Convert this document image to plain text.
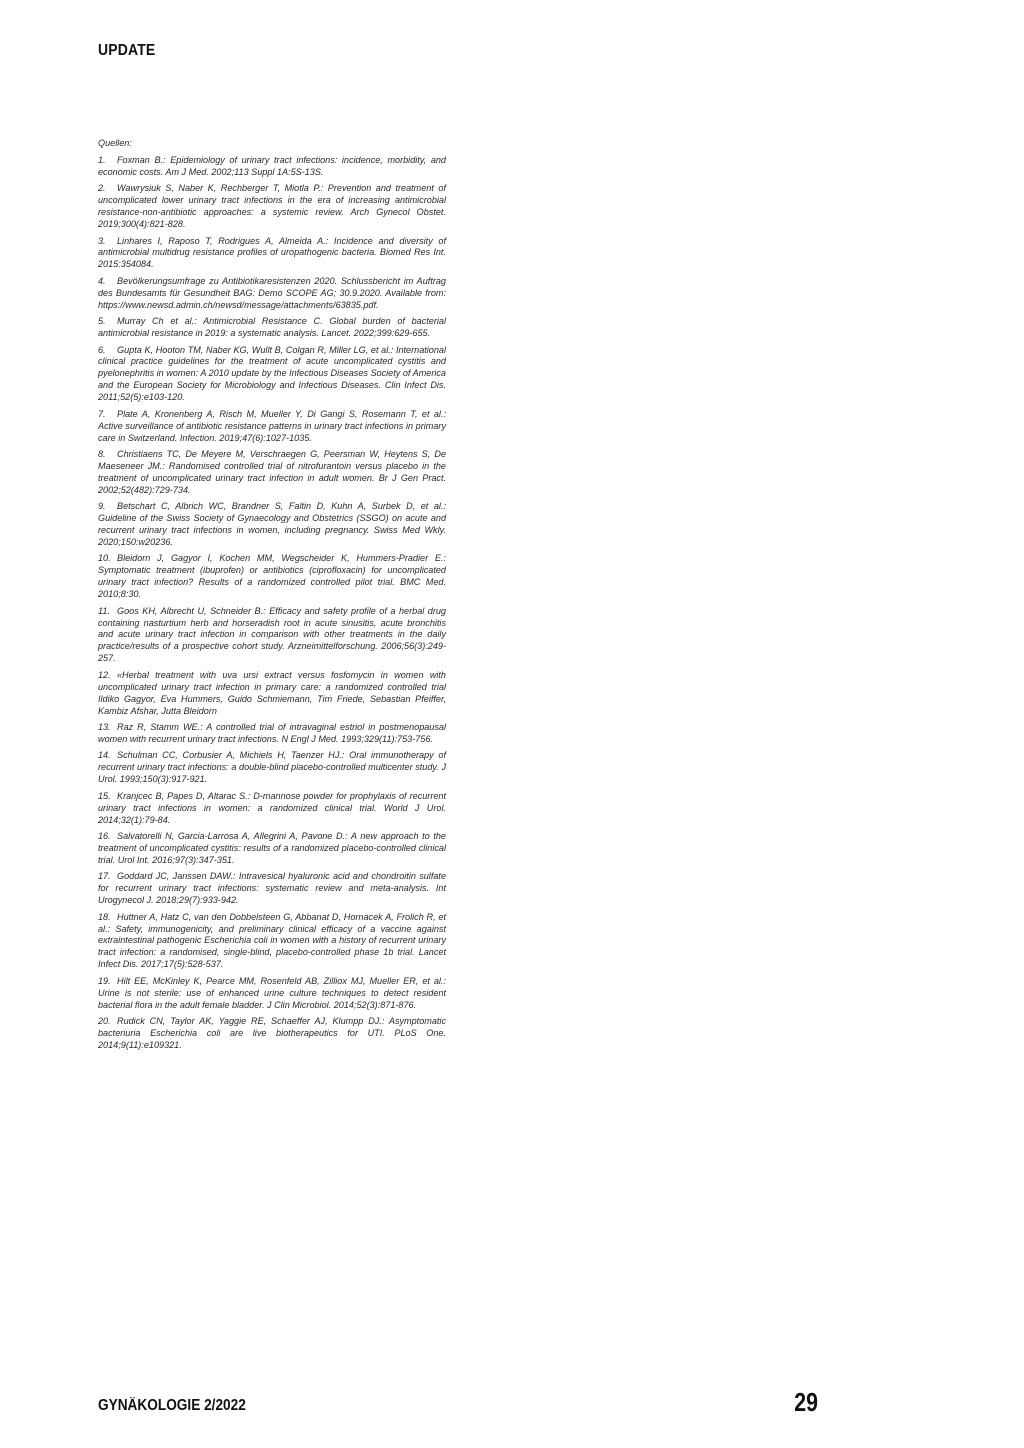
UPDATE
Quellen:
1. Foxman B.: Epidemiology of urinary tract infections: incidence, morbidity, and economic costs. Am J Med. 2002;113 Suppl 1A:5S-13S.
2. Wawrysiuk S, Naber K, Rechberger T, Miotla P.: Prevention and treatment of uncomplicated lower urinary tract infections in the era of increasing antimicrobial resistance-non-antibiotic approaches: a systemic review. Arch Gynecol Obstet. 2019;300(4):821-828.
3. Linhares I, Raposo T, Rodrigues A, Almeida A.: Incidence and diversity of antimicrobial multidrug resistance profiles of uropathogenic bacteria. Biomed Res Int. 2015:354084.
4. Bevölkerungsumfrage zu Antibiotikaresistenzen 2020. Schlussbericht im Auftrag des Bundesamts für Gesundheit BAG: Demo SCOPE AG; 30.9.2020. Available from: https://www.newsd.admin.ch/newsd/message/attachments/63835.pdf.
5. Murray Ch et al.: Antimicrobial Resistance C. Global burden of bacterial antimicrobial resistance in 2019: a systematic analysis. Lancet. 2022;399:629-655.
6. Gupta K, Hooton TM, Naber KG, Wullt B, Colgan R, Miller LG, et al.: International clinical practice guidelines for the treatment of acute uncomplicated cystitis and pyelonephritis in women: A 2010 update by the Infectious Diseases Society of America and the European Society for Microbiology and Infectious Diseases. Clin Infect Dis. 2011;52(5):e103-120.
7. Plate A, Kronenberg A, Risch M, Mueller Y, Di Gangi S, Rosemann T, et al.: Active surveillance of antibiotic resistance patterns in urinary tract infections in primary care in Switzerland. Infection. 2019;47(6):1027-1035.
8. Christiaens TC, De Meyere M, Verschraegen G, Peersman W, Heytens S, De Maeseneer JM.: Randomised controlled trial of nitrofurantoin versus placebo in the treatment of uncomplicated urinary tract infection in adult women. Br J Gen Pract. 2002;52(482):729-734.
9. Betschart C, Albrich WC, Brandner S, Faltin D, Kuhn A, Surbek D, et al.: Guideline of the Swiss Society of Gynaecology and Obstetrics (SSGO) on acute and recurrent urinary tract infections in women, including pregnancy. Swiss Med Wkly. 2020;150:w20236.
10. Bleidorn J, Gagyor I, Kochen MM, Wegscheider K, Hummers-Pradier E.: Symptomatic treatment (ibuprofen) or antibiotics (ciprofloxacin) for uncomplicated urinary tract infection? Results of a randomized controlled pilot trial. BMC Med. 2010;8:30.
11. Goos KH, Albrecht U, Schneider B.: Efficacy and safety profile of a herbal drug containing nasturtium herb and horseradish root in acute sinusitis, acute bronchitis and acute urinary tract infection in comparison with other treatments in the daily practice/results of a prospective cohort study. Arzneimittelforschung. 2006;56(3):249-257.
12. «Herbal treatment with uva ursi extract versus fosfomycin in women with uncomplicated urinary tract infection in primary care: a randomized controlled trial Ildiko Gagyor, Eva Hummers, Guido Schmiemann, Tim Friede, Sebastian Pfeiffer, Kambiz Afshar, Jutta Bleidorn
13. Raz R, Stamm WE.: A controlled trial of intravaginal estriol in postmenopausal women with recurrent urinary tract infections. N Engl J Med. 1993;329(11):753-756.
14. Schulman CC, Corbusier A, Michiels H, Taenzer HJ.: Oral immunotherapy of recurrent urinary tract infections: a double-blind placebo-controlled multicenter study. J Urol. 1993;150(3):917-921.
15. Kranjcec B, Papes D, Altarac S.: D-mannose powder for prophylaxis of recurrent urinary tract infections in women: a randomized clinical trial. World J Urol. 2014;32(1):79-84.
16. Salvatorelli N, Garcia-Larrosa A, Allegrini A, Pavone D.: A new approach to the treatment of uncomplicated cystitis: results of a randomized placebo-controlled clinical trial. Urol Int. 2016;97(3):347-351.
17. Goddard JC, Janssen DAW.: Intravesical hyaluronic acid and chondroitin sulfate for recurrent urinary tract infections: systematic review and meta-analysis. Int Urogynecol J. 2018;29(7):933-942.
18. Huttner A, Hatz C, van den Dobbelsteen G, Abbanat D, Hornacek A, Frolich R, et al.: Safety, immunogenicity, and preliminary clinical efficacy of a vaccine against extraintestinal pathogenic Escherichia coli in women with a history of recurrent urinary tract infection: a randomised, single-blind, placebo-controlled phase 1b trial. Lancet Infect Dis. 2017;17(5):528-537.
19. Hilt EE, McKinley K, Pearce MM, Rosenfeld AB, Zilliox MJ, Mueller ER, et al.: Urine is not sterile: use of enhanced urine culture techniques to detect resident bacterial flora in the adult female bladder. J Clin Microbiol. 2014;52(3):871-876.
20. Rudick CN, Taylor AK, Yaggie RE, Schaeffer AJ, Klumpp DJ.: Asymptomatic bacteriuria Escherichia coli are live biotherapeutics for UTI. PLoS One. 2014;9(11):e109321.
GYNÄKOLOGIE 2/2022	29
